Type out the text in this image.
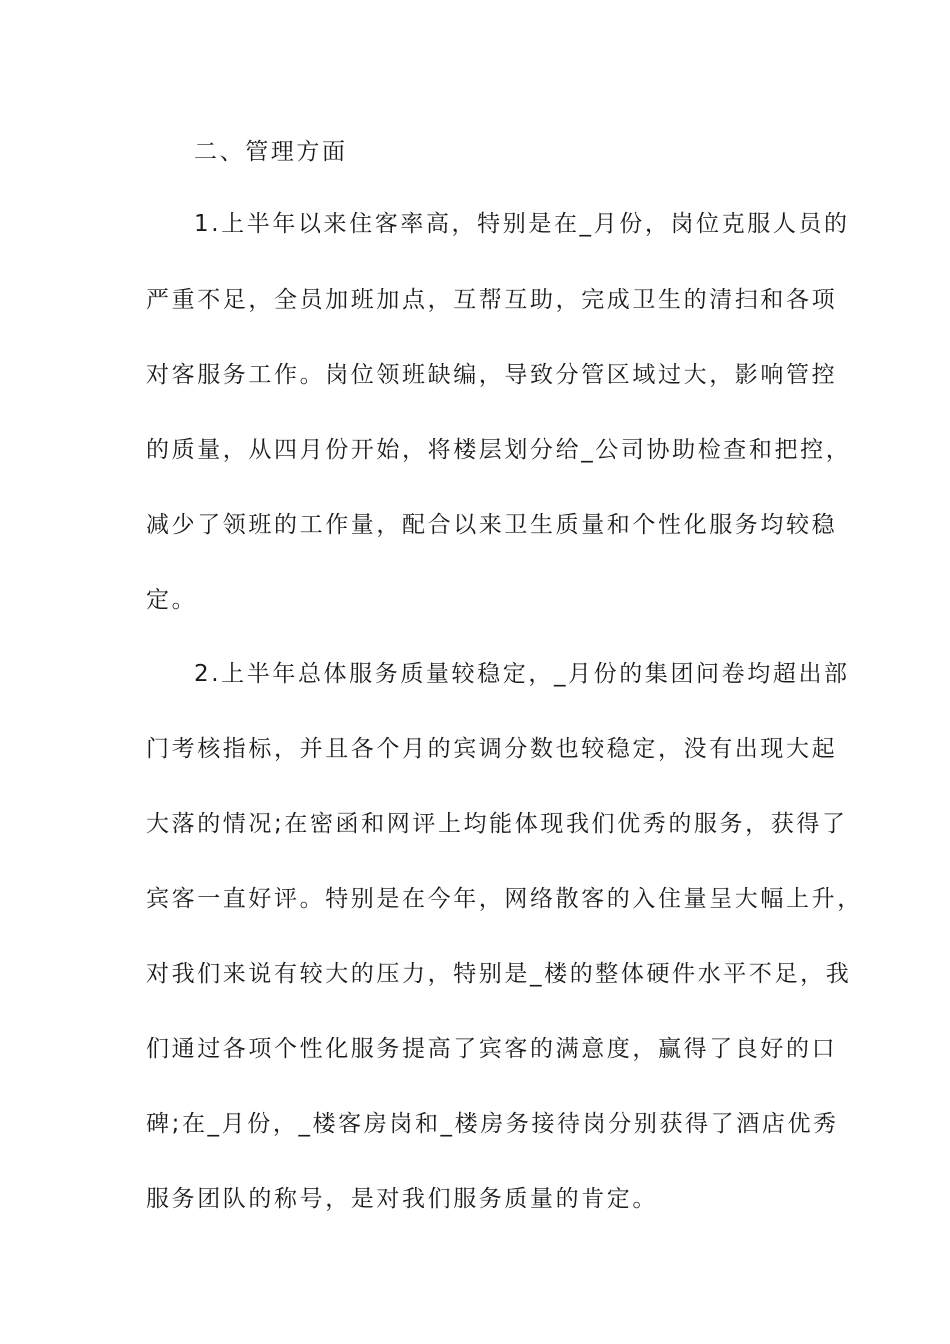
二、管理方面
1.上半年以来住客率高，特别是在_月份，岗位克服人员的
严重不足，全员加班加点，互帮互助，完成卫生的清扫和各项
对客服务工作。岗位领班缺编，导致分管区域过大，影响管控
的质量，从四月份开始，将楼层划分给_公司协助检查和把控，
减少了领班的工作量，配合以来卫生质量和个性化服务均较稳
定。
2.上半年总体服务质量较稳定，_月份的集团问卷均超出部
门考核指标，并且各个月的宾调分数也较稳定，没有出现大起
大落的情况;在密函和网评上均能体现我们优秀的服务，获得了
宾客一直好评。特别是在今年，网络散客的入住量呈大幅上升，
对我们来说有较大的压力，特别是_楼的整体硬件水平不足，我
们通过各项个性化服务提高了宾客的满意度，赢得了良好的口
碑;在_月份，_楼客房岗和_楼房务接待岗分别获得了酒店优秀
服务团队的称号，是对我们服务质量的肯定。
